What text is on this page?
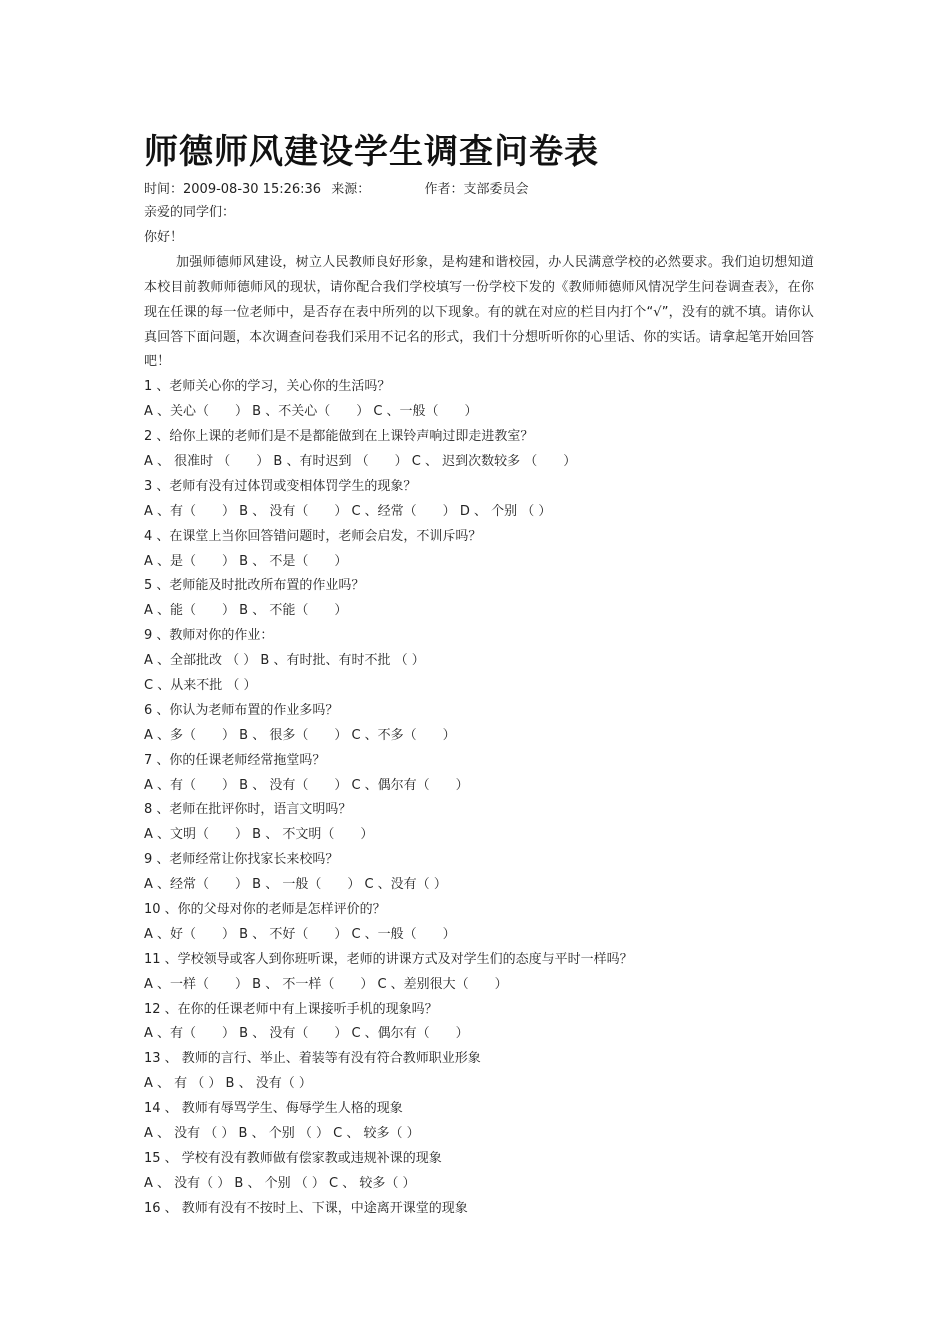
师德师风建设学生调查问卷表
时间：2009-08-30 15:26:36 来源：	作者：支部委员会
亲爱的同学们：
你好！
加强师德师风建设，树立人民教师良好形象，是构建和谐校园，办人民满意学校的必然要求。我们迫切想知道本校目前教师师德师风的现状，请你配合我们学校填写一份学校下发的《教师师德师风情况学生问卷调查表》，在你现在任课的每一位老师中，是否存在表中所列的以下现象。有的就在对应的栏目内打个“√”，没有的就不填。请你认真回答下面问题，本次调查问卷我们采用不记名的形式，我们十分想听听你的心里话、你的实话。请拿起笔开始回答吧！
1 、老师关心你的学习，关心你的生活吗？
A 、关心（　　） B 、不关心（　　） C 、一般（　　）
2 、给你上课的老师们是不是都能做到在上课铃声响过即走进教室？
A 、 很准时 （　　） B 、有时迟到 （　　） C 、 迟到次数较多 （　　）
3 、老师有没有过体罚或变相体罚学生的现象？
A 、有（　　） B 、 没有（　　） C 、经常（　　） D 、 个别 （ ）
4 、在课堂上当你回答错问题时，老师会启发，不训斥吗？
A 、是（　　） B 、 不是（　　）
5 、老师能及时批改所布置的作业吗？
A 、能（　　） B 、 不能（　　）
9 、教师对你的作业：
A 、全部批改 （ ） B 、有时批、有时不批 （ ）
C 、从来不批 （ ）
6 、你认为老师布置的作业多吗？
A 、多（　　） B 、 很多（　　） C 、不多（　　）
7 、你的任课老师经常拖堂吗？
A 、有（　　） B 、 没有（　　） C 、偶尔有（　　）
8 、老师在批评你时，语言文明吗？
A 、文明（　　） B 、 不文明（　　）
9 、老师经常让你找家长来校吗？
A 、经常（　　） B 、 一般（　　） C 、没有（ ）
10 、你的父母对你的老师是怎样评价的？
A 、好（　　） B 、 不好（　　） C 、一般（　　）
11 、学校领导或客人到你班听课，老师的讲课方式及对学生们的态度与平时一样吗？
A 、一样（　　） B 、 不一样（　　） C 、差别很大（　　）
12 、在你的任课老师中有上课接听手机的现象吗？
A 、有（　　） B 、 没有（　　） C 、偶尔有（　　）
13 、 教师的言行、举止、着装等有没有符合教师职业形象
A 、 有 （ ） B 、 没有（ ）
14 、 教师有辱骂学生、侮辱学生人格的现象
A 、 没有 （ ） B 、 个别 （ ） C 、 较多（ ）
15 、 学校有没有教师做有偿家教或违规补课的现象
A 、 没有（ ） B 、 个别 （ ） C 、 较多（ ）
16 、 教师有没有不按时上、下课，中途离开课堂的现象
